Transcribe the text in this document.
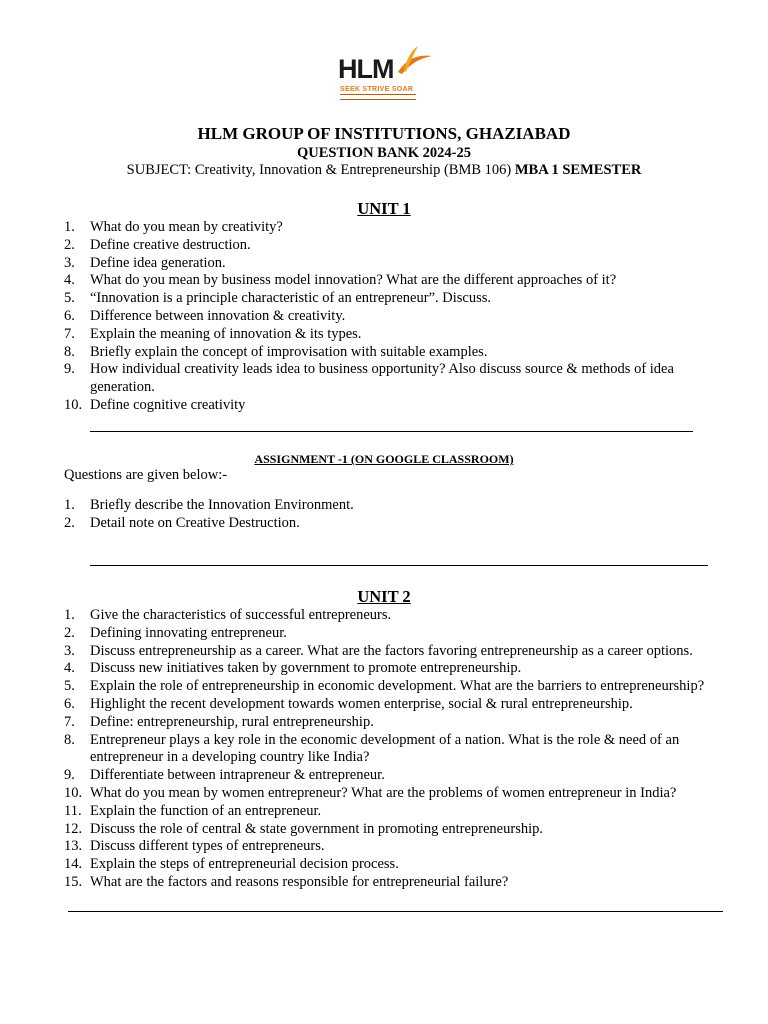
HLM
SEEK STRIVE SOAR
HLM GROUP OF INSTITUTIONS, GHAZIABAD
QUESTION BANK 2024-25
SUBJECT: Creativity, Innovation & Entrepreneurship (BMB 106) MBA 1 SEMESTER
UNIT 1
1. What do you mean by creativity?
2. Define creative destruction.
3. Define idea generation.
4. What do you mean by business model innovation? What are the different approaches of it?
5. “Innovation is a principle characteristic of an entrepreneur”. Discuss.
6. Difference between innovation & creativity.
7. Explain the meaning of innovation & its types.
8. Briefly explain the concept of improvisation with suitable examples.
9. How individual creativity leads idea to business opportunity? Also discuss source & methods of idea generation.
10. Define cognitive creativity
ASSIGNMENT -1 (ON GOOGLE CLASSROOM)
Questions are given below:-
1. Briefly describe the Innovation Environment.
2. Detail note on Creative Destruction.
UNIT 2
1. Give the characteristics of successful entrepreneurs.
2. Defining innovating entrepreneur.
3. Discuss entrepreneurship as a career. What are the factors favoring entrepreneurship as a career options.
4. Discuss new initiatives taken by government to promote entrepreneurship.
5. Explain the role of entrepreneurship in economic development. What are the barriers to entrepreneurship?
6. Highlight the recent development towards women enterprise, social & rural entrepreneurship.
7. Define: entrepreneurship, rural entrepreneurship.
8. Entrepreneur plays a key role in the economic development of a nation. What is the role & need of an entrepreneur in a developing country like India?
9. Differentiate between intrapreneur & entrepreneur.
10. What do you mean by women entrepreneur? What are the problems of women entrepreneur in India?
11. Explain the function of an entrepreneur.
12. Discuss the role of central & state government in promoting entrepreneurship.
13. Discuss different types of entrepreneurs.
14. Explain the steps of entrepreneurial decision process.
15. What are the factors and reasons responsible for entrepreneurial failure?
